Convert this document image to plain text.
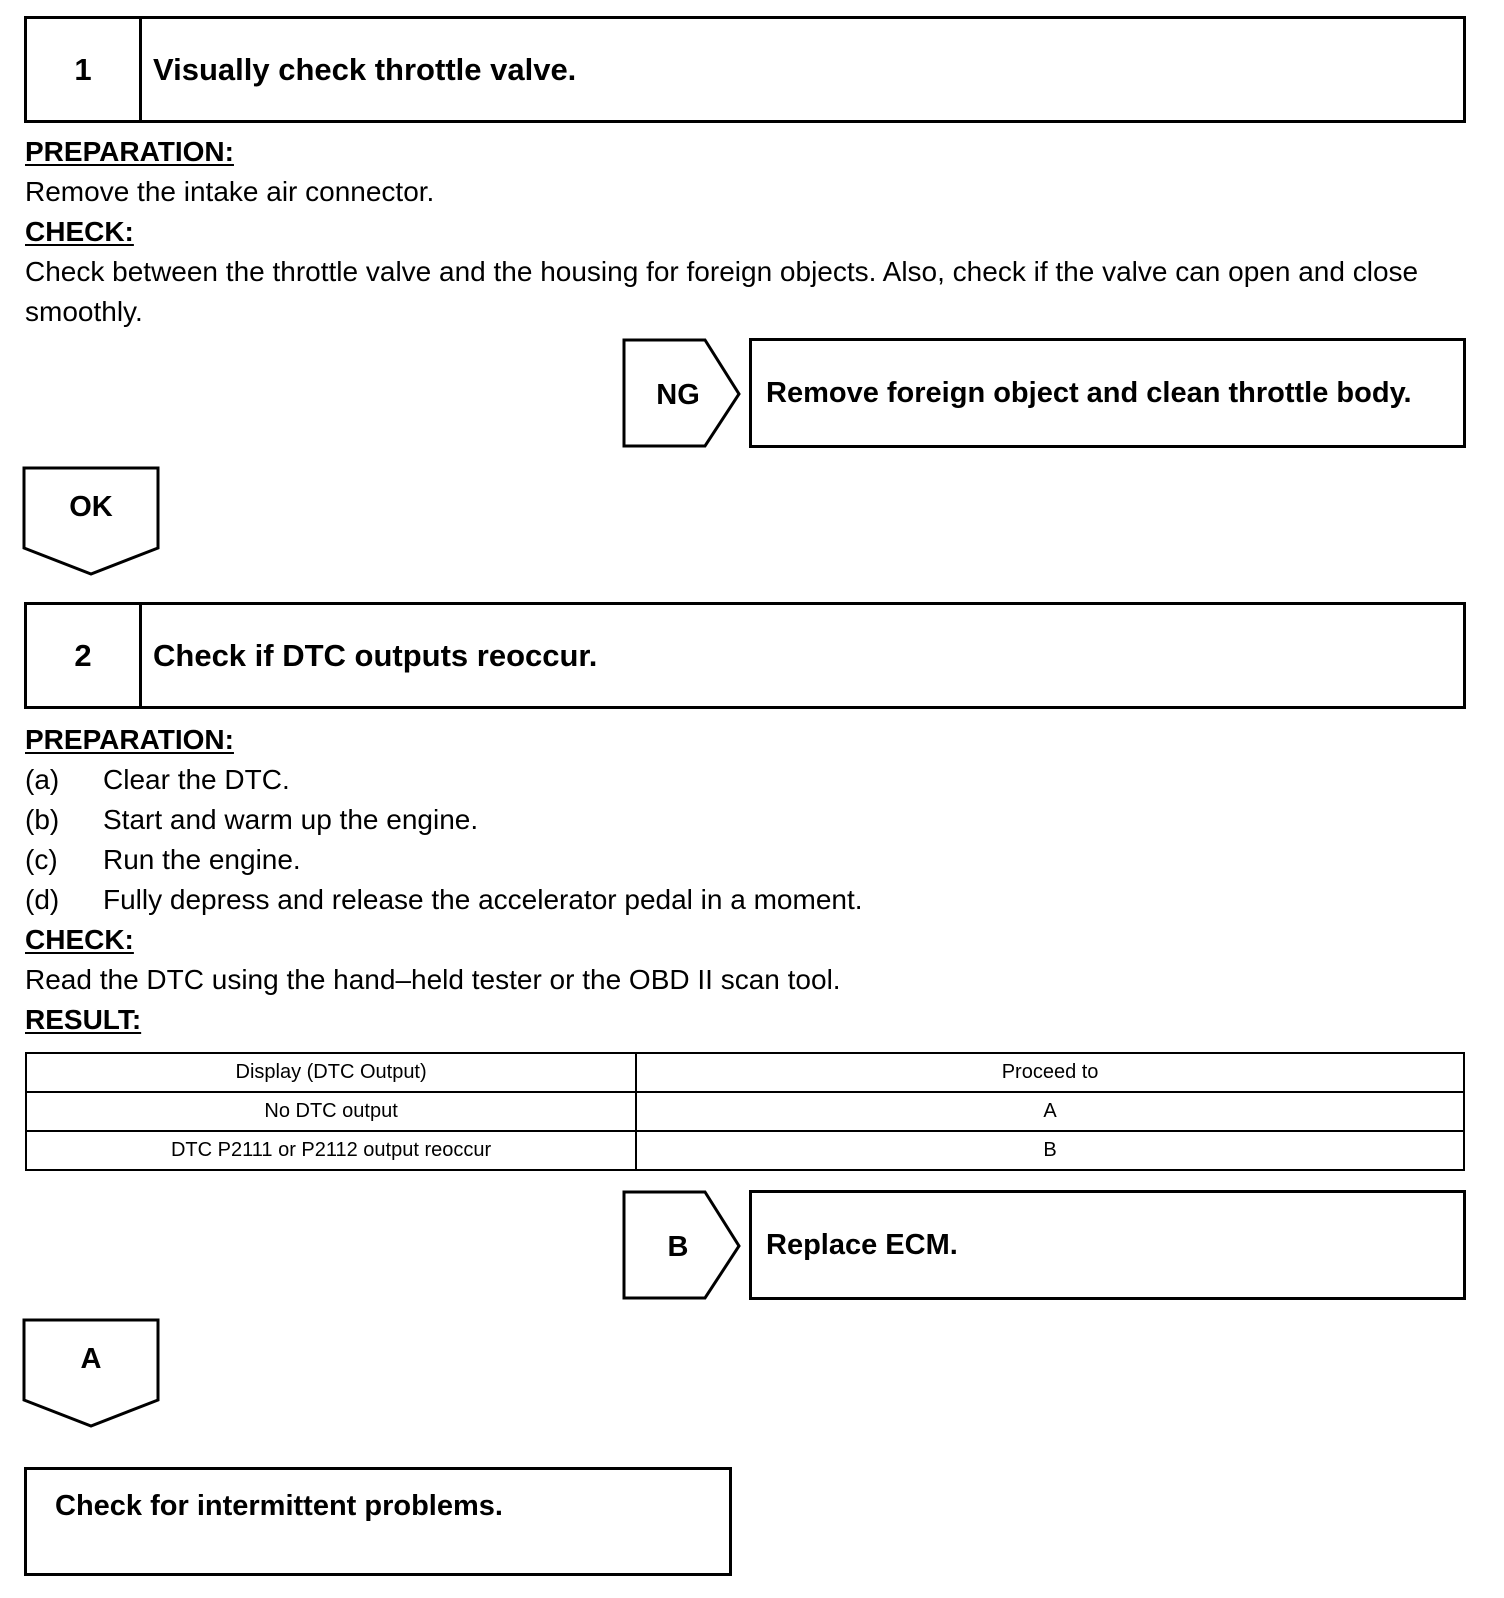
1	Visually check throttle valve.
PREPARATION:
Remove the intake air connector.
CHECK:
Check between the throttle valve and the housing for foreign objects. Also, check if the valve can open and close smoothly.
NG	Remove foreign object and clean throttle body.
OK
2	Check if DTC outputs reoccur.
PREPARATION:
(a) Clear the DTC.
(b) Start and warm up the engine.
(c) Run the engine.
(d) Fully depress and release the accelerator pedal in a moment.
CHECK:
Read the DTC using the hand–held tester or the OBD II scan tool.
RESULT:
Display (DTC Output)	Proceed to
No DTC output	A
DTC P2111 or P2112 output reoccur	B
B	Replace ECM.
A
Check for intermittent problems.
